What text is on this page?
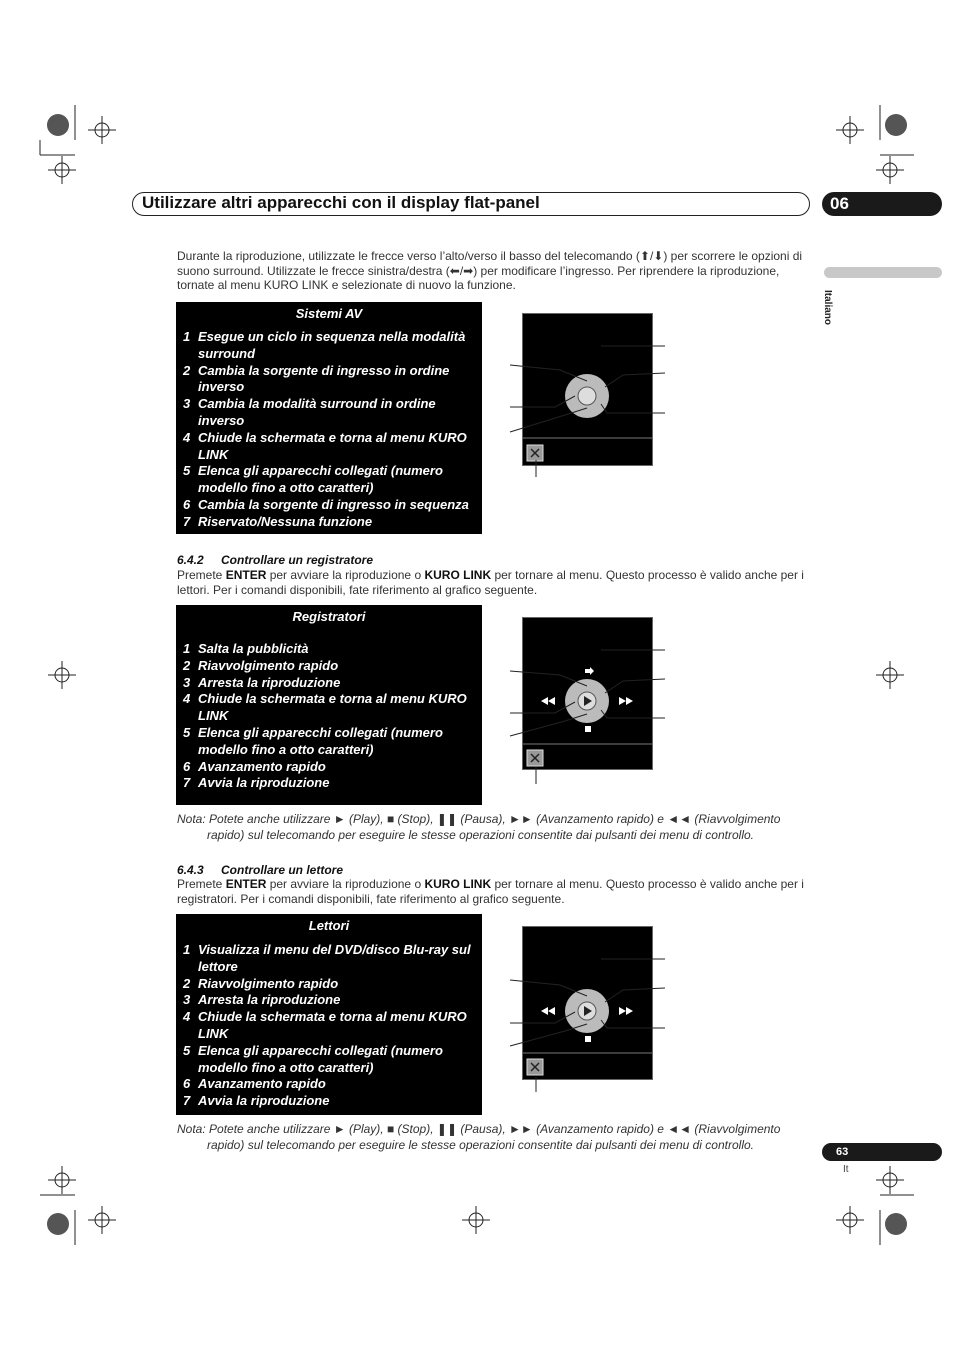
Utilizzare altri apparecchi con il display flat-panel	06
Italiano
Durante la riproduzione, utilizzate le frecce verso l’alto/verso il basso del telecomando (⬆/⬇) per scorrere le opzioni di suono surround. Utilizzate le frecce sinistra/destra (⬅/➡) per modificare l’ingresso. Per riprendere la riproduzione, tornate al menu KURO LINK e selezionate di nuovo la funzione.
Sistemi AV
1 Esegue un ciclo in sequenza nella modalità surround
2 Cambia la sorgente di ingresso in ordine inverso
3 Cambia la modalità surround in ordine inverso
4 Chiude la schermata e torna al menu KURO LINK
5 Elenca gli apparecchi collegati (numero modello fino a otto caratteri)
6 Cambia la sorgente di ingresso in sequenza
7 Riservato/Nessuna funzione
6.4.2 Controllare un registratore
Premete ENTER per avviare la riproduzione o KURO LINK per tornare al menu. Questo processo è valido anche per i lettori. Per i comandi disponibili, fate riferimento al grafico seguente.
Registratori
1 Salta la pubblicità
2 Riavvolgimento rapido
3 Arresta la riproduzione
4 Chiude la schermata e torna al menu KURO LINK
5 Elenca gli apparecchi collegati (numero modello fino a otto caratteri)
6 Avanzamento rapido
7 Avvia la riproduzione
Nota: Potete anche utilizzare ► (Play), ■ (Stop), ❚❚ (Pausa), ►► (Avanzamento rapido) e ◄◄ (Riavvolgimento
rapido) sul telecomando per eseguire le stesse operazioni consentite dai pulsanti dei menu di controllo.
6.4.3 Controllare un lettore
Premete ENTER per avviare la riproduzione o KURO LINK per tornare al menu. Questo processo è valido anche per i registratori. Per i comandi disponibili, fate riferimento al grafico seguente.
Lettori
1 Visualizza il menu del DVD/disco Blu-ray sul lettore
2 Riavvolgimento rapido
3 Arresta la riproduzione
4 Chiude la schermata e torna al menu KURO LINK
5 Elenca gli apparecchi collegati (numero modello fino a otto caratteri)
6 Avanzamento rapido
7 Avvia la riproduzione
Nota: Potete anche utilizzare ► (Play), ■ (Stop), ❚❚ (Pausa), ►► (Avanzamento rapido) e ◄◄ (Riavvolgimento
rapido) sul telecomando per eseguire le stesse operazioni consentite dai pulsanti dei menu di controllo.
63
It
